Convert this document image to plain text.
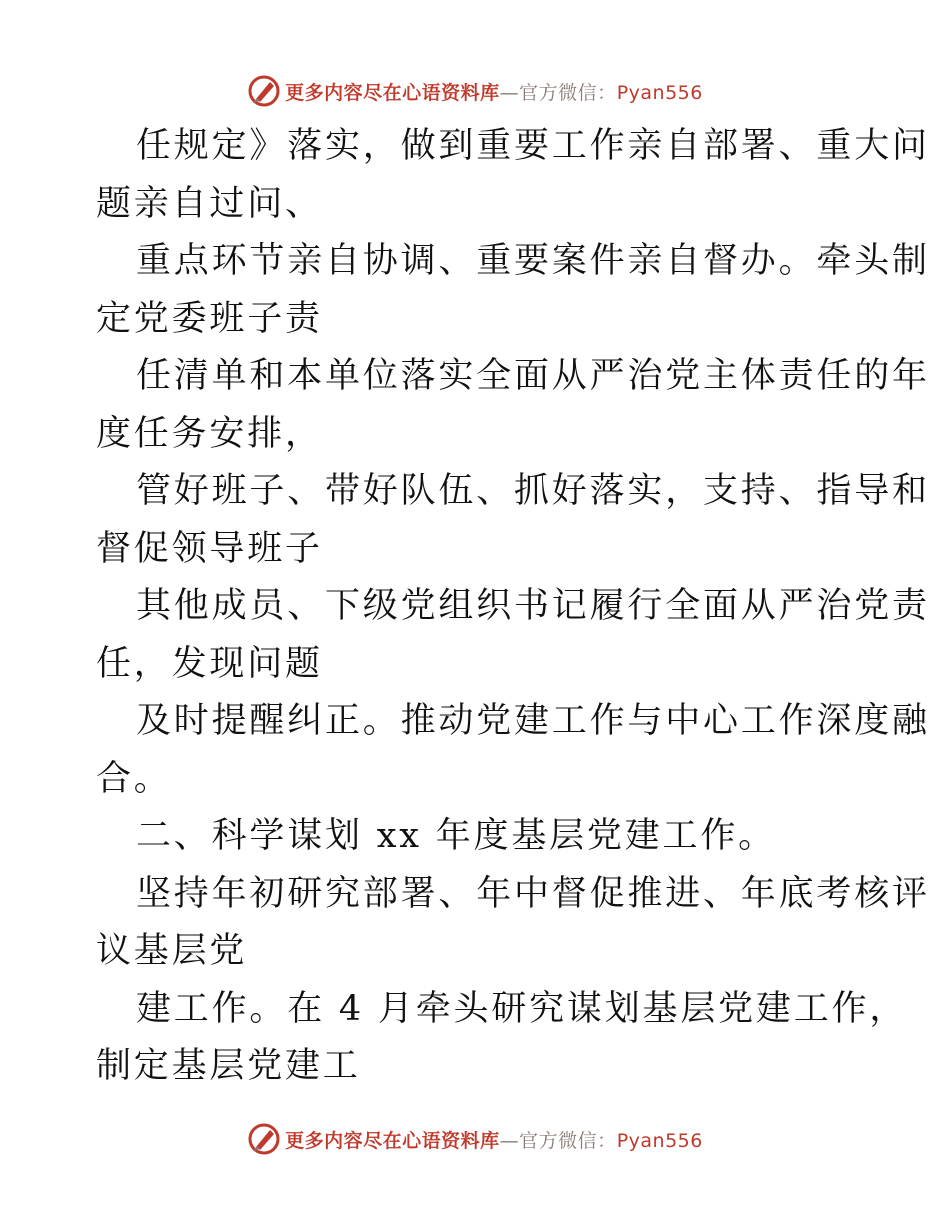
更多内容尽在心语资料库—官方微信：Pyan556
任规定》落实，做到重要工作亲自部署、重大问
题亲自过问、
重点环节亲自协调、重要案件亲自督办。牵头制
定党委班子责
任清单和本单位落实全面从严治党主体责任的年
度任务安排，
管好班子、带好队伍、抓好落实，支持、指导和
督促领导班子
其他成员、下级党组织书记履行全面从严治党责
任，发现问题
及时提醒纠正。推动党建工作与中心工作深度融
合。
二、科学谋划 xx 年度基层党建工作。
坚持年初研究部署、年中督促推进、年底考核评
议基层党
建工作。在 4 月牵头研究谋划基层党建工作，
制定基层党建工
更多内容尽在心语资料库—官方微信：Pyan556
